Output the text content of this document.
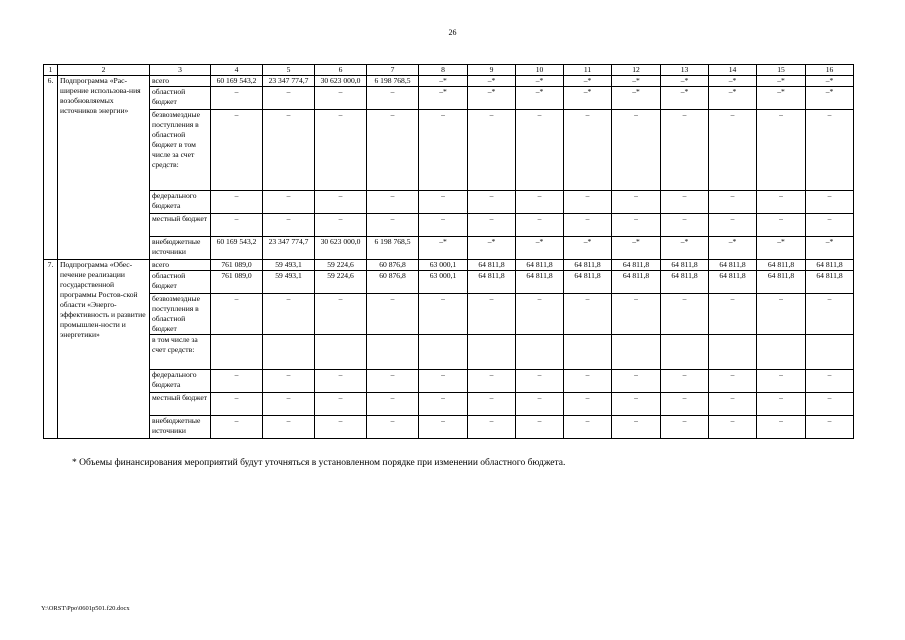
26
1	2	3	4	5	6	7	8	9	10	11	12	13	14	15	16
6.	Подпрограмма «Рас-ширение использова-ния возобновляемых источников энергии»	всего	60 169 543,2	23 347 774,7	30 623 000,0	6 198 768,5	–*	–*	–*	–*	–*	–*	–*	–*	–*
		областной бюджет	–	–	–	–	–*	–*	–*	–*	–*	–*	–*	–*	–*
		безвозмездные поступления в областной бюджет в том числе за счет средств:	–	–	–	–	–	–	–	–	–	–	–	–	–
		федерального бюджета	–	–	–	–	–	–	–	–	–	–	–	–	–
		местный бюджет	–	–	–	–	–	–	–	–	–	–	–	–	–
		внебюджетные источники	60 169 543,2	23 347 774,7	30 623 000,0	6 198 768,5	–*	–*	–*	–*	–*	–*	–*	–*	–*
7.	Подпрограмма «Обес-печение реализации государственной программы Ростов-ской области «Энерго-эффективность и развитие промышлен-ности и энергетики»	всего	761 089,0	59 493,1	59 224,6	60 876,8	63 000,1	64 811,8	64 811,8	64 811,8	64 811,8	64 811,8	64 811,8	64 811,8	64 811,8
		областной бюджет	761 089,0	59 493,1	59 224,6	60 876,8	63 000,1	64 811,8	64 811,8	64 811,8	64 811,8	64 811,8	64 811,8	64 811,8	64 811,8
		безвозмездные поступления в областной бюджет	–	–	–	–	–	–	–	–	–	–	–	–	–
		в том числе за счет средств:													
		федерального бюджета	–	–	–	–	–	–	–	–	–	–	–	–	–
		местный бюджет	–	–	–	–	–	–	–	–	–	–	–	–	–
		внебюджетные источники	–	–	–	–	–	–	–	–	–	–	–	–	–
* Объемы финансирования мероприятий будут уточняться в установленном порядке при изменении областного бюджета.
Y:\ORST\Ppo\0601p501.f20.docx
